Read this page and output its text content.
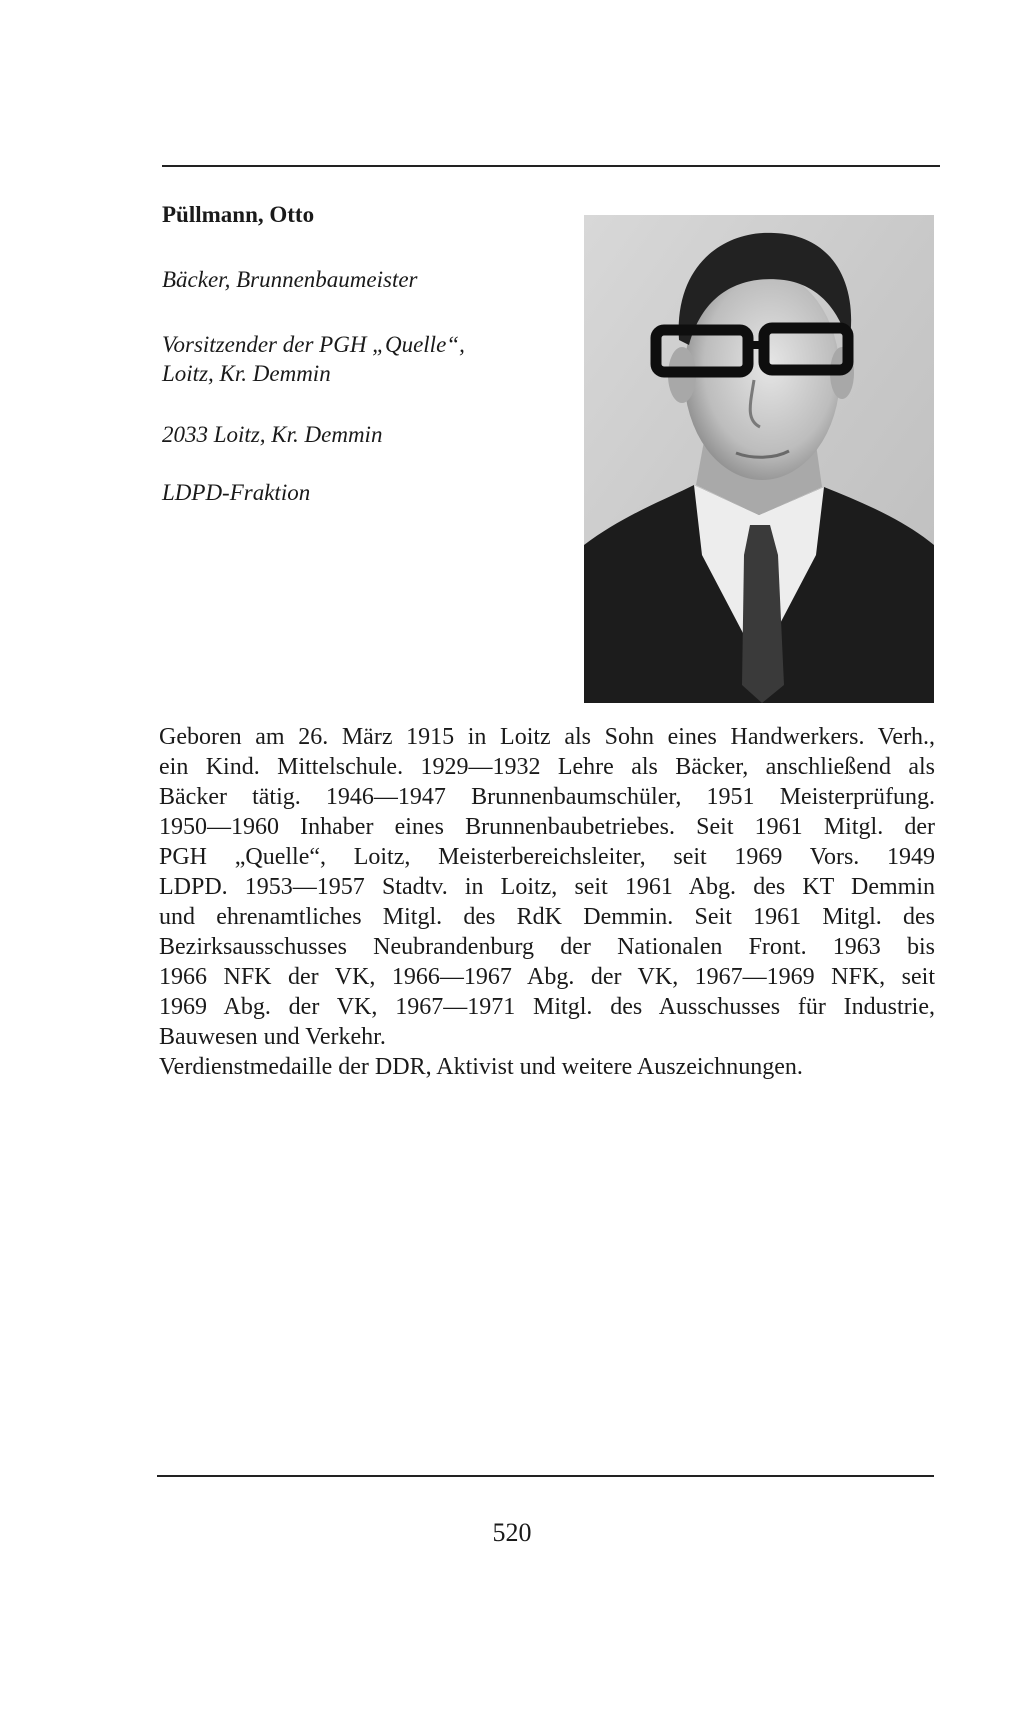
Püllmann, Otto
Bäcker, Brunnenbaumeister
Vorsitzender der PGH „Quelle“,
Loitz, Kr. Demmin
2033 Loitz, Kr. Demmin
LDPD-Fraktion
Geboren am 26. März 1915 in Loitz als Sohn eines Handwerkers. Verh.,
ein Kind. Mittelschule. 1929—1932 Lehre als Bäcker, anschließend als
Bäcker tätig. 1946—1947 Brunnenbaumschüler, 1951 Meisterprüfung.
1950—1960 Inhaber eines Brunnenbaubetriebes. Seit 1961 Mitgl. der
PGH „Quelle“, Loitz, Meisterbereichsleiter, seit 1969 Vors. 1949
LDPD. 1953—1957 Stadtv. in Loitz, seit 1961 Abg. des KT Demmin
und ehrenamtliches Mitgl. des RdK Demmin. Seit 1961 Mitgl. des
Bezirksausschusses Neubrandenburg der Nationalen Front. 1963 bis
1966 NFK der VK, 1966—1967 Abg. der VK, 1967—1969 NFK, seit
1969 Abg. der VK, 1967—1971 Mitgl. des Ausschusses für Industrie,
Bauwesen und Verkehr.
Verdienstmedaille der DDR, Aktivist und weitere Auszeichnungen.
520
